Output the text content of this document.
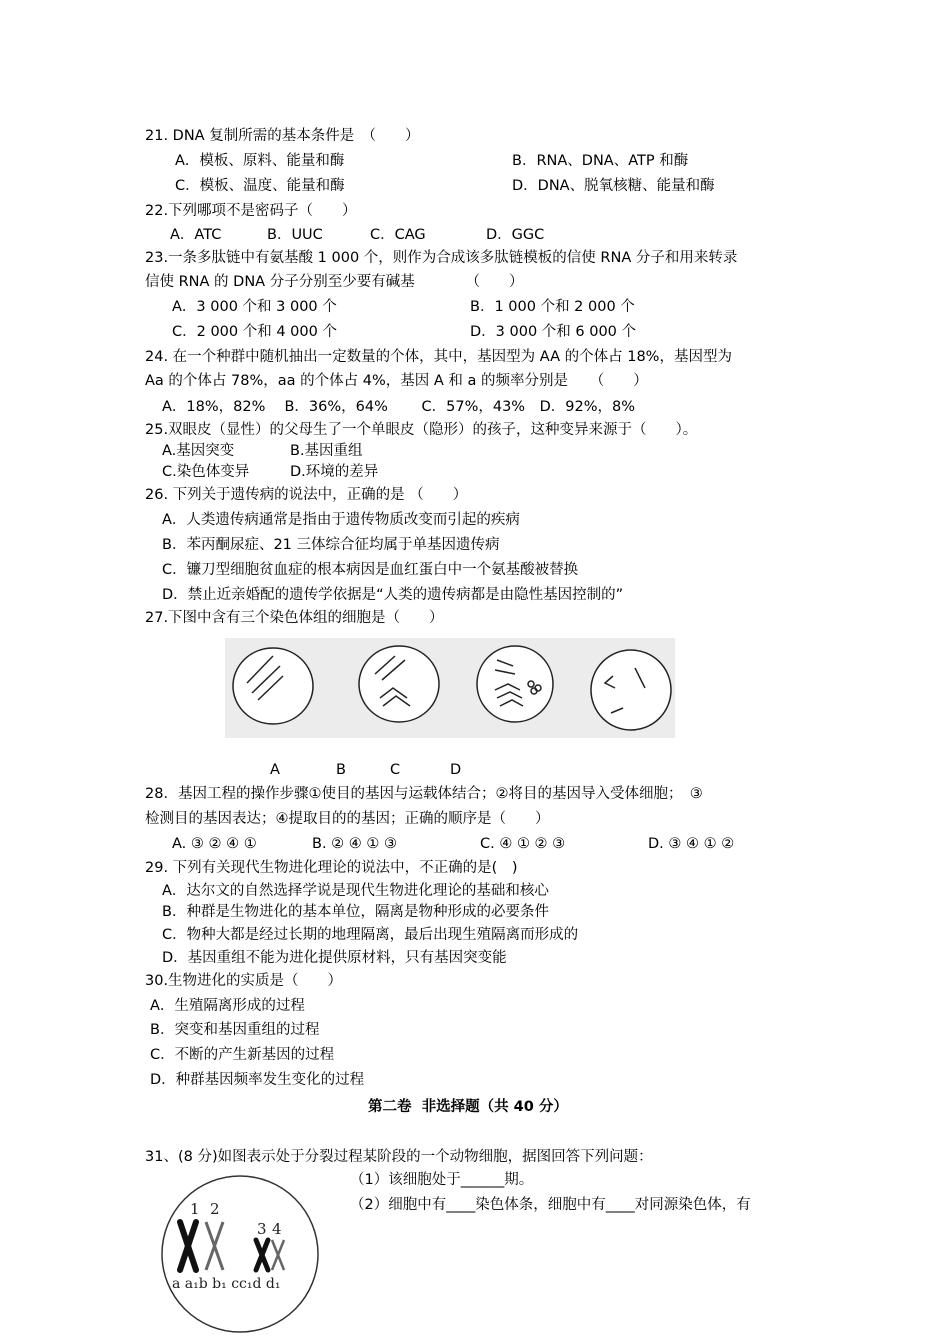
21. DNA 复制所需的基本条件是　（　　）
A．模板、原料、能量和酶	B．RNA、DNA、ATP 和酶
C．模板、温度、能量和酶	D．DNA、脱氧核糖、能量和酶
22.下列哪项不是密码子（　　）
A．ATC	B．UUC	C．CAG	D．GGC
23.一条多肽链中有氨基酸 1 000 个，则作为合成该多肽链模板的信使 RNA 分子和用来转录
信使 RNA 的 DNA 分子分别至少要有碱基　　　　（　　）
A．3 000 个和 3 000 个	B．1 000 个和 2 000 个
C．2 000 个和 4 000 个	D．3 000 个和 6 000 个
24. 在一个种群中随机抽出一定数量的个体，其中，基因型为 AA 的个体占 18%，基因型为
Aa 的个体占 78%，aa 的个体占 4%，基因 A 和 a 的频率分别是　　（　　）
A．18%，82%　 B．36%，64%　　 C．57%，43%　D．92%，8%
25.双眼皮（显性）的父母生了一个单眼皮（隐形）的孩子，这种变异来源于（　　）。
A.基因突变	B.基因重组
C.染色体变异	D.环境的差异
26. 下列关于遗传病的说法中，正确的是 （　　）
A．人类遗传病通常是指由于遗传物质改变而引起的疾病
B．苯丙酮尿症、21 三体综合征均属于单基因遗传病
C．镰刀型细胞贫血症的根本病因是血红蛋白中一个氨基酸被替换
D．禁止近亲婚配的遗传学依据是“人类的遗传病都是由隐性基因控制的”
27.下图中含有三个染色体组的细胞是（　　）
A	B	C	D
28．基因工程的操作步骤①使目的基因与运载体结合；②将目的基因导入受体细胞；　③
检测目的基因表达；④提取目的的基因；正确的顺序是（　　）
A. ③ ② ④ ①	B. ② ④ ① ③	C. ④ ① ② ③	D. ③ ④ ① ②
29. 下列有关现代生物进化理论的说法中，不正确的是(　)
A．达尔文的自然选择学说是现代生物进化理论的基础和核心
B．种群是生物进化的基本单位，隔离是物种形成的必要条件
C．物种大都是经过长期的地理隔离，最后出现生殖隔离而形成的
D．基因重组不能为进化提供原材料，只有基因突变能
30.生物进化的实质是（　　）
A．生殖隔离形成的过程
B．突变和基因重组的过程
C．不断的产生新基因的过程
D．种群基因频率发生变化的过程
第二卷  非选择题（共 40 分）
31、(8 分)如图表示处于分裂过程某阶段的一个动物细胞，据图回答下列问题：
（1）该细胞处于______期。
（2）细胞中有____染色体条，细胞中有____对同源染色体，有
1 2
3 4
a a₁b b₁ cc₁d d₁
